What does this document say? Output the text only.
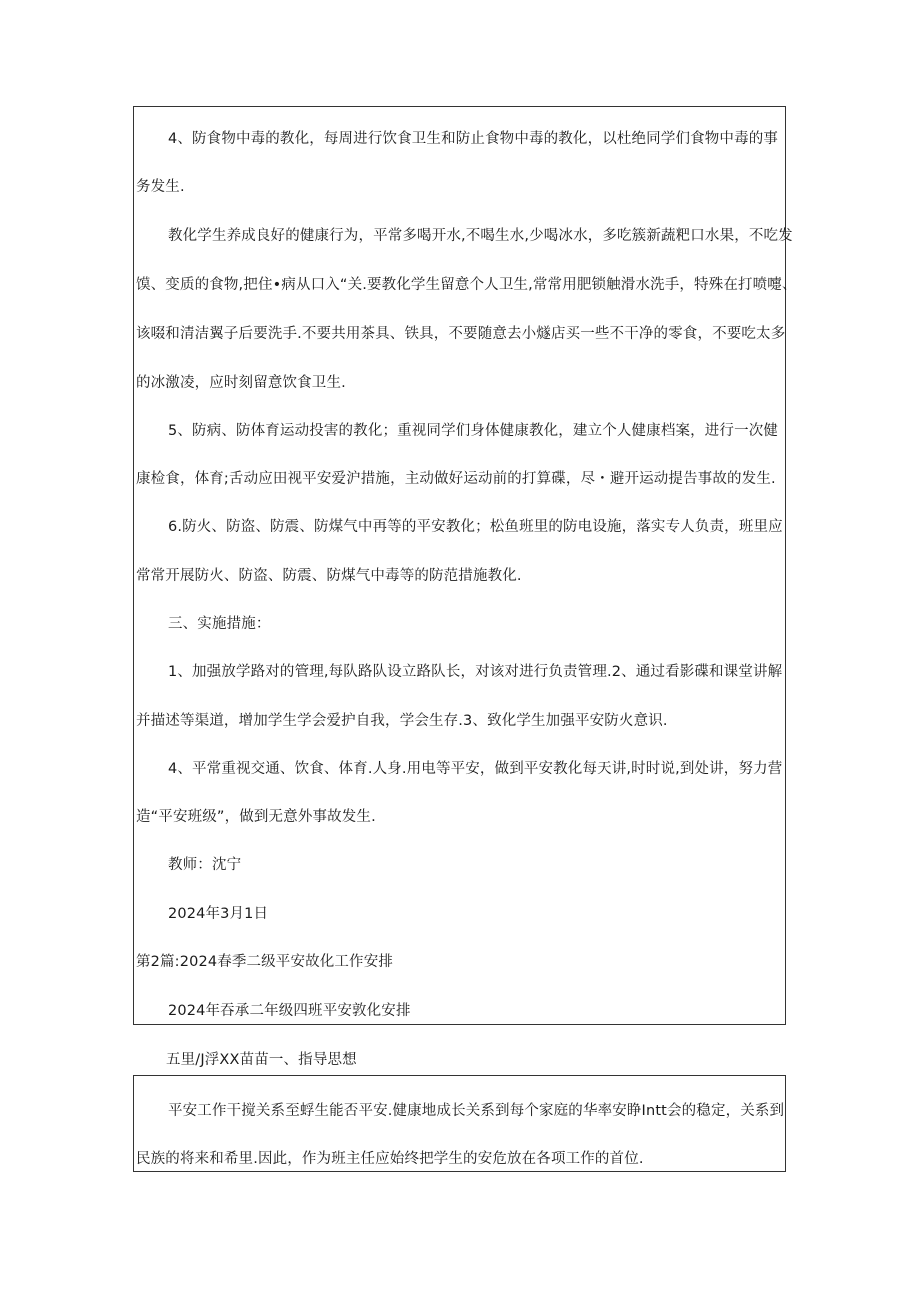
4、防食物中毒的教化，每周进行饮食卫生和防止食物中毒的教化，以杜绝同学们食物中毒的事
务发生.
教化学生养成良好的健康行为，平常多喝开水,不喝生水,少喝冰水，多吃簇新蔬粑口水果，不吃发
馍、变质的食物,把住•病从口入“关.要教化学生留意个人卫生,常常用肥锁触滑水洗手，特殊在打喷嚏、
该啜和清洁翼子后要洗手.不要共用茶具、铁具，不要随意去小燧店买一些不干净的零食，不要吃太多
的冰激凌，应时刻留意饮食卫生.
5、防病、防体育运动投害的教化；重视同学们身体健康教化，建立个人健康档案，进行一次健
康检食，体育;舌动应田视平安爱沪措施，主动做好运动前的打算碟，尽・避开运动提告事故的发生.
6.防火、防盗、防震、防煤气中再等的平安教化；松鱼班里的防电设施，落实专人负责，班里应
常常开展防火、防盗、防震、防煤气中毒等的防范措施教化.
三、实施措施：
1、加强放学路对的管理,每队路队设立路队长，对该对进行负责管理.2、通过看影碟和课堂讲解
并描述等渠道，增加学生学会爱护自我，学会生存.3、致化学生加强平安防火意识.
4、平常重视交通、饮食、体育.人身.用电等平安，做到平安教化每天讲,时时说,到处讲，努力营
造“平安班级”，做到无意外事故发生.
教师：沈宁
2024年3月1日
第2篇:2024春季二级平安故化工作安排
2024年吞承二年级四班平安敦化安排
五里/J浮XX苗苗一、指导思想
平安工作干搅关系至蜉生能否平安.健康地成长关系到每个家庭的华率安睁Intt会的稳定，关系到
民族的将来和希里.因此，作为班主任应始终把学生的安危放在各项工作的首位.
